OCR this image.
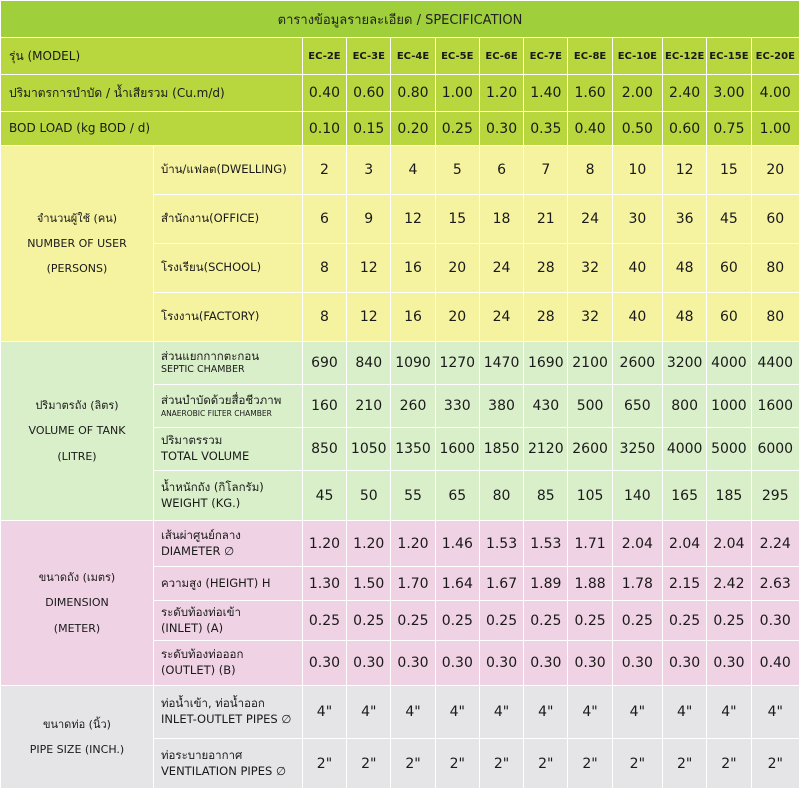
ตารางข้อมูลรายละเอียด / SPECIFICATION												
รุ่น (MODEL)		EC-2E	EC-3E	EC-4E	EC-5E	EC-6E	EC-7E	EC-8E	EC-10E	EC-12E	EC-15E	EC-20E
ปริมาตรการบำบัด / น้ำเสียรวม (Cu.m/d)		0.40	0.60	0.80	1.00	1.20	1.40	1.60	2.00	2.40	3.00	4.00
BOD LOAD (kg BOD / d)		0.10	0.15	0.20	0.25	0.30	0.35	0.40	0.50	0.60	0.75	1.00

จำนวนผู้ใช้ (คน)
NUMBER OF USER
(PERSONS)	บ้าน/แฟลต(DWELLING)	2	3	4	5	6	7	8	10	12	15	20
	สำนักงาน(OFFICE)	6	9	12	15	18	21	24	30	36	45	60
	โรงเรียน(SCHOOL)	8	12	16	20	24	28	32	40	48	60	80
	โรงงาน(FACTORY)	8	12	16	20	24	28	32	40	48	60	80

ปริมาตรถัง (ลิตร)
VOLUME OF TANK
(LITRE)	ส่วนแยกกากตะกอน
SEPTIC CHAMBER	690	840	1090	1270	1470	1690	2100	2600	3200	4000	4400

	ส่วนบำบัดด้วยสื่อชีวภาพ
ANAEROBIC FILTER CHAMBER	160	210	260	330	380	430	500	650	800	1000	1600

	ปริมาตรรวม
TOTAL VOLUME	850	1050	1350	1600	1850	2120	2600	3250	4000	5000	6000

	น้ำหนักถัง (กิโลกรัม)
WEIGHT (KG.)	45	50	55	65	80	85	105	140	165	185	295

ขนาดถัง (เมตร)
DIMENSION
(METER)	เส้นผ่าศูนย์กลาง
DIAMETER ∅	1.20	1.20	1.20	1.46	1.53	1.53	1.71	2.04	2.04	2.04	2.24
	ความสูง (HEIGHT) H	1.30	1.50	1.70	1.64	1.67	1.89	1.88	1.78	2.15	2.42	2.63

	ระดับท้องท่อเข้า
(INLET) (A)	0.25	0.25	0.25	0.25	0.25	0.25	0.25	0.25	0.25	0.25	0.30

	ระดับท้องท่อออก
(OUTLET) (B)	0.30	0.30	0.30	0.30	0.30	0.30	0.30	0.30	0.30	0.30	0.40

ขนาดท่อ (นิ้ว)
PIPE SIZE (INCH.)	ท่อน้ำเข้า, ท่อน้ำออก
INLET-OUTLET PIPES ∅	4"	4"	4"	4"	4"	4"	4"	4"	4"	4"	4"

	ท่อระบายอากาศ
VENTILATION PIPES ∅	2"	2"	2"	2"	2"	2"	2"	2"	2"	2"	2"
